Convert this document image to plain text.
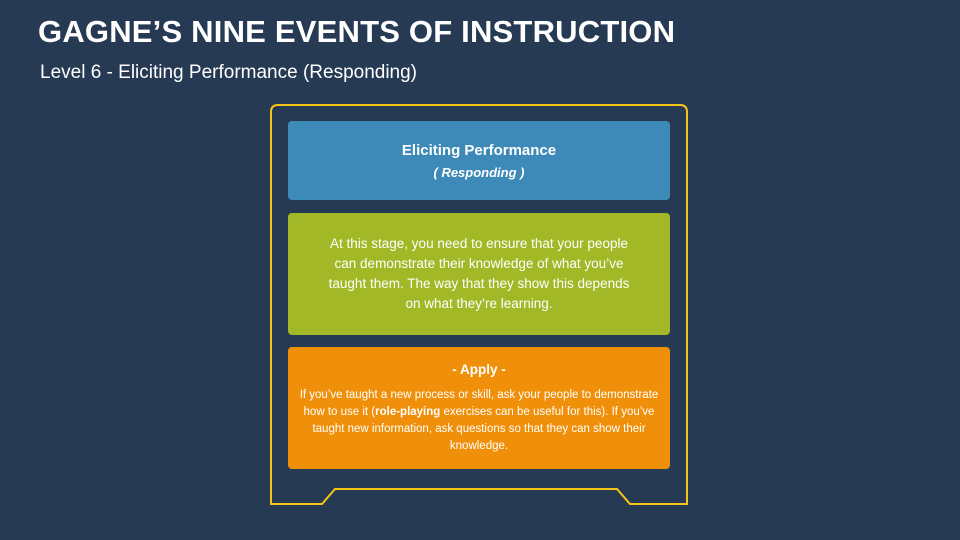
GAGNE’S NINE EVENTS OF INSTRUCTION
Level 6 - Eliciting Performance (Responding)
Eliciting Performance
( Responding )
At this stage, you need to ensure that your people can demonstrate their knowledge of what you’ve taught them. The way that they show this depends on what they’re learning.
- Apply -
If you’ve taught a new process or skill, ask your people to demonstrate how to use it (role-playing exercises can be useful for this). If you’ve taught new information, ask questions so that they can show their knowledge.
